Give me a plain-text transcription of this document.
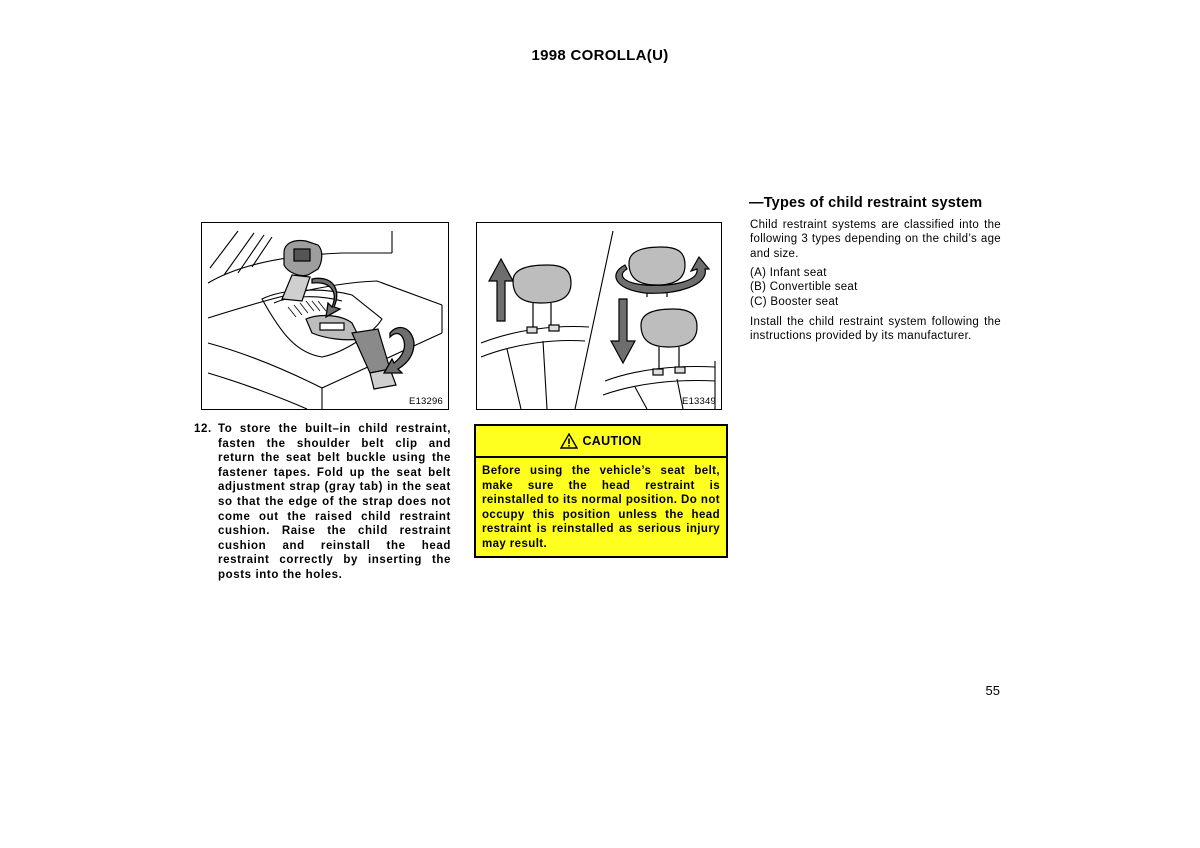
1998 COROLLA(U)
E13296	E13349
12. To store the built–in child restraint, fasten the shoulder belt clip and return the seat belt buckle using the fastener tapes. Fold up the seat belt adjustment strap (gray tab) in the seat so that the edge of the strap does not come out the raised child restraint cushion. Raise the child restraint cushion and reinstall the head restraint correctly by inserting the posts into the holes.
CAUTION
Before using the vehicle’s seat belt, make sure the head restraint is reinstalled to its normal position. Do not occupy this position unless the head restraint is reinstalled as serious injury may result.
—Types of child restraint system
Child restraint systems are classified into the following 3 types depending on the child’s age and size.
(A) Infant seat
(B) Convertible seat
(C) Booster seat
Install the child restraint system following the instructions provided by its manufacturer.
55
